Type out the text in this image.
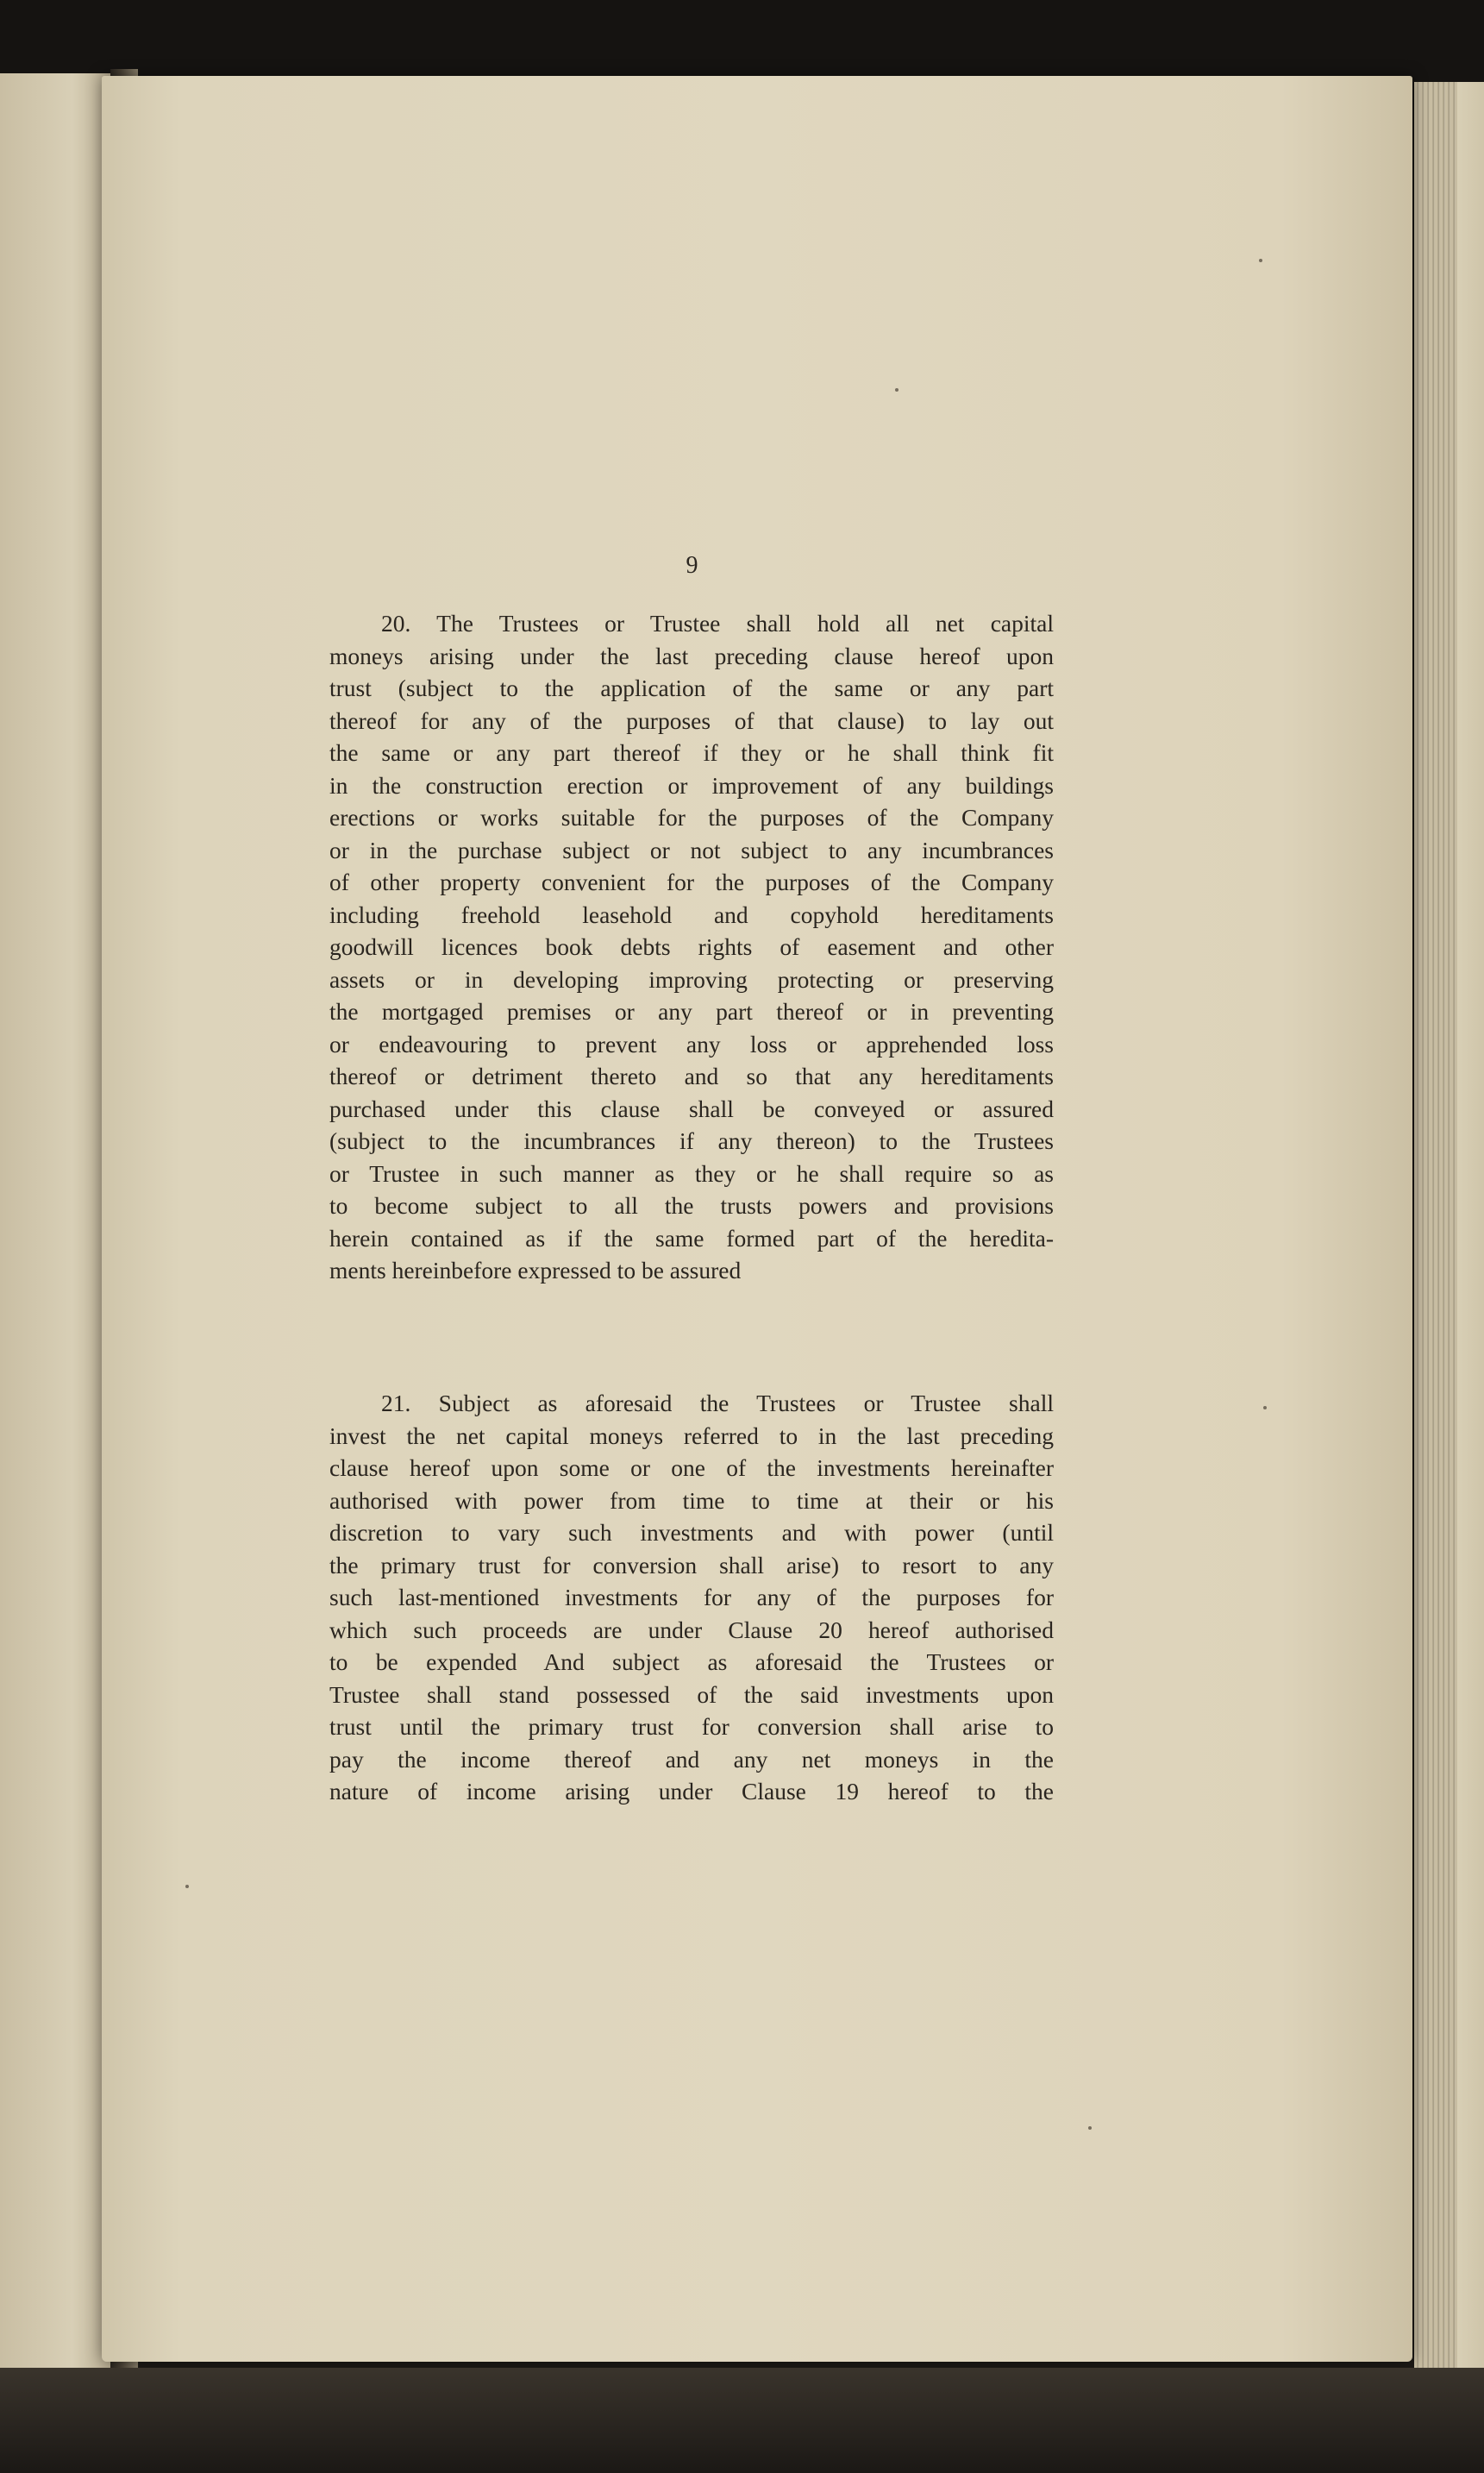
9
20. The Trustees or Trustee shall hold all net capital
moneys arising under the last preceding clause hereof upon
trust (subject to the application of the same or any part
thereof for any of the purposes of that clause) to lay out
the same or any part thereof if they or he shall think fit
in the construction erection or improvement of any buildings
erections or works suitable for the purposes of the Company
or in the purchase subject or not subject to any incumbrances
of other property convenient for the purposes of the Company
including freehold leasehold and copyhold hereditaments
goodwill licences book debts rights of easement and other
assets or in developing improving protecting or preserving
the mortgaged premises or any part thereof or in preventing
or endeavouring to prevent any loss or apprehended loss
thereof or detriment thereto and so that any hereditaments
purchased under this clause shall be conveyed or assured
(subject to the incumbrances if any thereon) to the Trustees
or Trustee in such manner as they or he shall require so as
to become subject to all the trusts powers and provisions
herein contained as if the same formed part of the heredita-
ments hereinbefore expressed to be assured
21. Subject as aforesaid the Trustees or Trustee shall
invest the net capital moneys referred to in the last preceding
clause hereof upon some or one of the investments hereinafter
authorised with power from time to time at their or his
discretion to vary such investments and with power (until
the primary trust for conversion shall arise) to resort to any
such last-mentioned investments for any of the purposes for
which such proceeds are under Clause 20 hereof authorised
to be expended And subject as aforesaid the Trustees or
Trustee shall stand possessed of the said investments upon
trust until the primary trust for conversion shall arise to
pay the income thereof and any net moneys in the
nature of income arising under Clause 19 hereof to the
